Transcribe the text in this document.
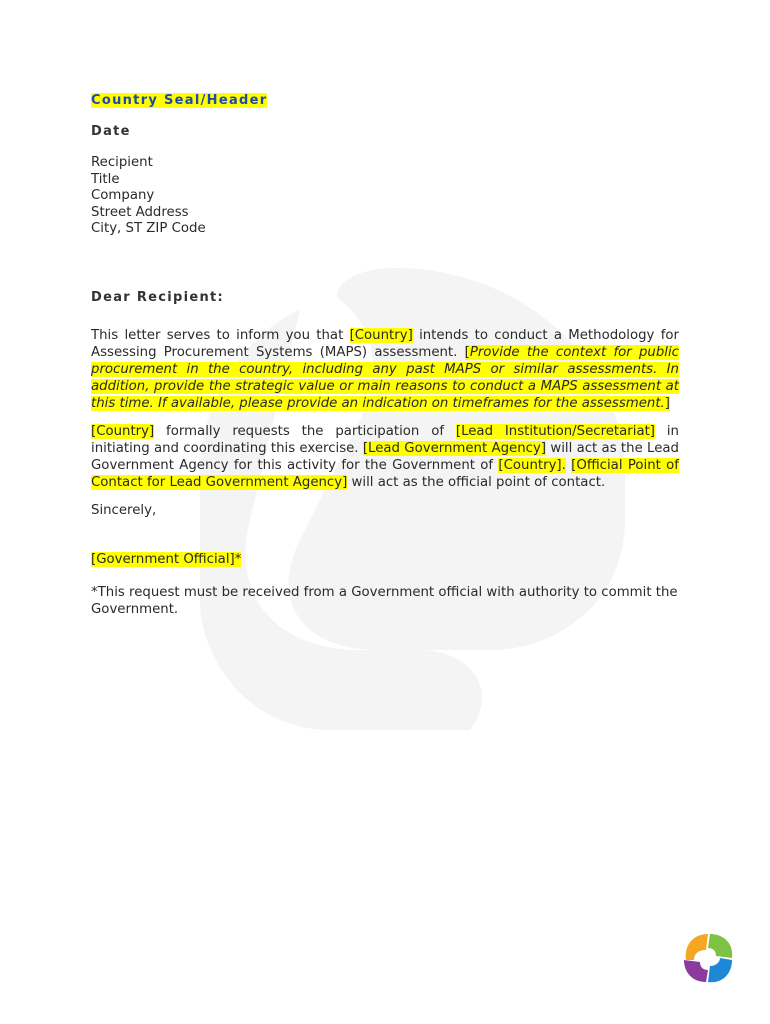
Country Seal/Header
Date
Recipient
Title
Company
Street Address
City, ST ZIP Code
Dear Recipient:

This letter serves to inform you that [Country] intends to conduct a Methodology for Assessing Procurement Systems (MAPS) assessment. [Provide the context for public procurement in the country, including any past MAPS or similar assessments. In addition, provide the strategic value or main reasons to conduct a MAPS assessment at this time. If available, please provide an indication on timeframes for the assessment.]

[Country] formally requests the participation of [Lead Institution/Secretariat] in initiating and coordinating this exercise. [Lead Government Agency] will act as the Lead Government Agency for this activity for the Government of [Country]. [Official Point of Contact for Lead Government Agency] will act as the official point of contact.

Sincerely,

[Government Official]*

*This request must be received from a Government official with authority to commit the Government.
